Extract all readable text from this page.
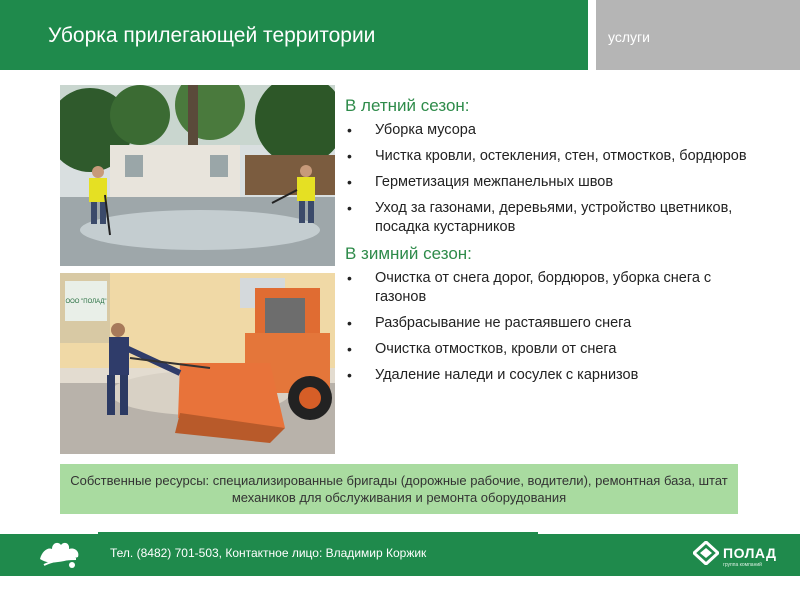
Уборка прилегающей территории	услуги
ООО "ПОЛАД"
В летний сезон:
• Уборка мусора
• Чистка кровли, остекления, стен, отмостков, бордюров
• Герметизация межпанельных швов
• Уход за газонами, деревьями, устройство цветников, посадка кустарников
В зимний сезон:
• Очистка от снега дорог, бордюров, уборка снега с газонов
• Разбрасывание не растаявшего снега
• Очистка отмостков, кровли от снега
• Удаление наледи и сосулек с карнизов
Собственные ресурсы: специализированные бригады (дорожные рабочие, водители), ремонтная база, штат механиков для обслуживания и ремонта оборудования
Тел. (8482) 701-503, Контактное лицо: Владимир Коржик	ПОЛАД
группа компаний
